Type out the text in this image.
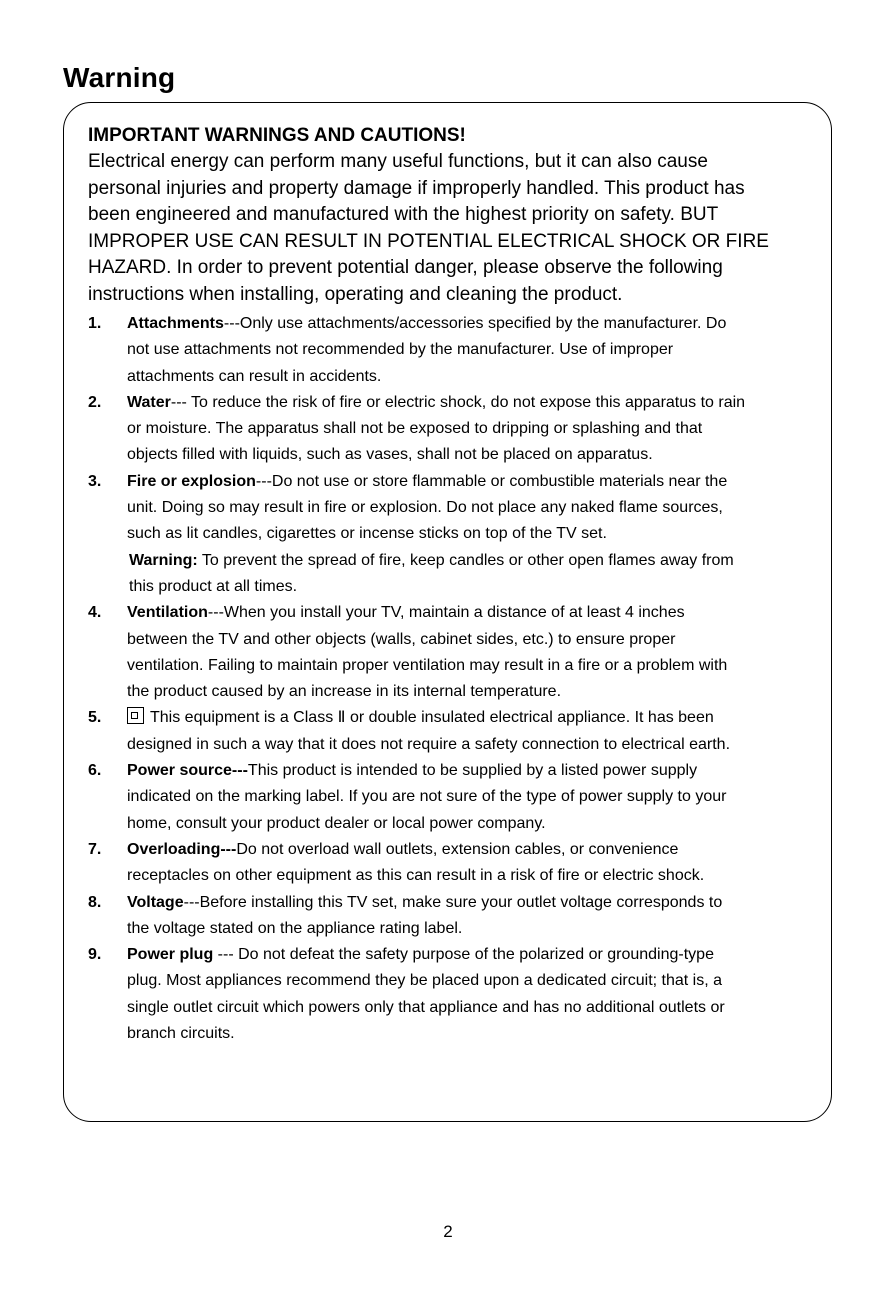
Warning

IMPORTANT WARNINGS AND CAUTIONS!

Electrical energy can perform many useful functions, but it can also cause

personal injuries and property damage if improperly handled. This product has

been engineered and manufactured with the highest priority on safety. BUT

IMPROPER USE CAN RESULT IN POTENTIAL ELECTRICAL SHOCK OR FIRE

HAZARD. In order to prevent potential danger, please observe the following

instructions when installing, operating and cleaning the product.

1. Attachments---Only use attachments/accessories specified by the manufacturer. Do
not use attachments not recommended by the manufacturer. Use of improper
attachments can result in accidents.
2. Water--- To reduce the risk of fire or electric shock, do not expose this apparatus to rain
or moisture. The apparatus shall not be exposed to dripping or splashing and that
objects filled with liquids, such as vases, shall not be placed on apparatus.
3. Fire or explosion---Do not use or store flammable or combustible materials near the
unit. Doing so may result in fire or explosion. Do not place any naked flame sources,
such as lit candles, cigarettes or incense sticks on top of the TV set.
Warning: To prevent the spread of fire, keep candles or other open flames away from
this product at all times.
4. Ventilation---When you install your TV, maintain a distance of at least 4 inches
between the TV and other objects (walls, cabinet sides, etc.) to ensure proper
ventilation. Failing to maintain proper ventilation may result in a fire or a problem with
the product caused by an increase in its internal temperature.
5.	This equipment is a Class Ⅱ or double insulated electrical appliance. It has been
designed in such a way that it does not require a safety connection to electrical earth.
6. Power source---This product is intended to be supplied by a listed power supply
indicated on the marking label. If you are not sure of the type of power supply to your
home, consult your product dealer or local power company.
7. Overloading---Do not overload wall outlets, extension cables, or convenience
receptacles on other equipment as this can result in a risk of fire or electric shock.
8. Voltage---Before installing this TV set, make sure your outlet voltage corresponds to
the voltage stated on the appliance rating label.
9. Power plug --- Do not defeat the safety purpose of the polarized or grounding-type
plug. Most appliances recommend they be placed upon a dedicated circuit; that is, a
single outlet circuit which powers only that appliance and has no additional outlets or
branch circuits.
2
